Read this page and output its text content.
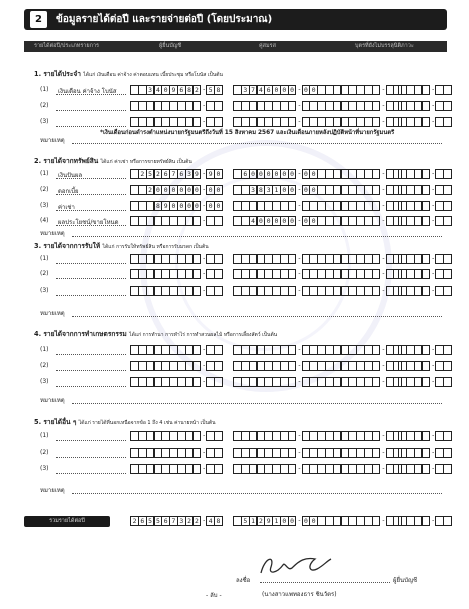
2	ข้อมูลรายได้ต่อปี และรายจ่ายต่อปี (โดยประมาณ)
รายได้ต่อปี/ประเภทรายการ	ผู้ยื่นบัญชี	คู่สมรส	บุตรที่ยังไม่บรรลุนิติภาวะ
1. รายได้ประจำ ได้แก่ เงินเดือน ค่าจ้าง ค่าตอบแทน เบี้ยประชุม หรือโบนัส เป็นต้น
(1) เงินเดือน ค่าจ้าง โบนัส	3 4 0 9 6 8 2 - 5 8	3 7 4 6 0 0 0 - 0 0	-	-
(2)	-	-	-	-
(3)	-	-	-	-
หมายเหตุ
*เงินเดือนก่อนดำรงตำแหน่งนายกรัฐมนตรีถึงวันที่ 15 สิงหาคม 2567 และเงินเดือนภายหลังปฏิบัติหน้าที่นายกรัฐมนตรี
2. รายได้จากทรัพย์สิน ได้แก่ ค่าเช่า หรือการขายทรัพย์สิน เป็นต้น
(1) เงินปันผล	2 5 2 6 7 6 3 9 - 9 0	6 0 0 0 0 0 0 - 0 0	-	-
(2) ดอกเบี้ย	2 0 0 0 0 0 0 - 0 0	3 8 3 1 0 0 - 0 0	-	-
(3) ค่าเช่า	8 9 0 0 0 0 - 0 0	-	-	-
(4) ผลประโยชน์/ขายโหนด	-	4 0 0 0 0 0 - 0 0	-	-
หมายเหตุ
3. รายได้จากการรับให้ ได้แก่ การรับให้ทรัพย์สิน หรือการรับมรดก เป็นต้น
(1)	-	-	-	-
(2)	-	-	-	-
(3)	-	-	-	-
หมายเหตุ
4. รายได้จากการทำเกษตรกรรม ได้แก่ การทำนา การทำไร่ การทำสวนผลไม้ หรือการเลี้ยงสัตว์ เป็นต้น
(1)	-	-	-	-
(2)	-	-	-	-
(3)	-	-	-	-
หมายเหตุ
5. รายได้อื่น ๆ ได้แก่ รายได้ที่นอกเหนือจากข้อ 1 ถึง 4 เช่น ค่านายหน้า เป็นต้น
(1)	-	-	-	-
(2)	-	-	-	-
(3)	-	-	-	-
หมายเหตุ
รวมรายได้ต่อปี	2 6 5 5 6 7 3 2 2 - 4 8	5 1 2 9 1 0 0 - 0 0	-	-
ลงชื่อ	ผู้ยื่นบัญชี
(นางสาวแพทองธาร ชินวัตร)
- ลับ -
